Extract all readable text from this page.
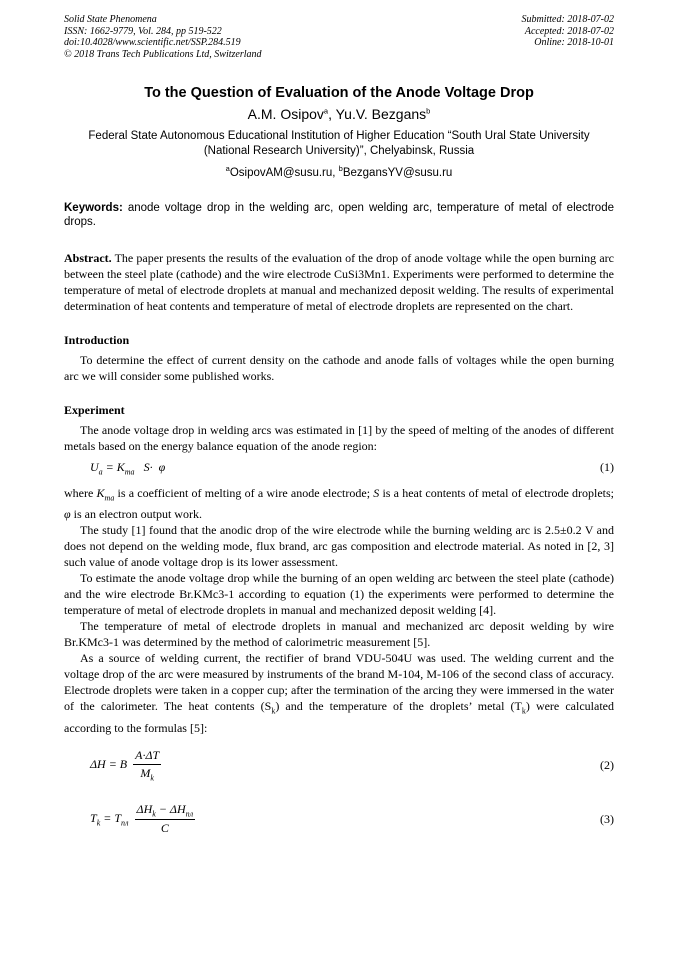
Solid State Phenomena
ISSN: 1662-9779, Vol. 284, pp 519-522
doi:10.4028/www.scientific.net/SSP.284.519
© 2018 Trans Tech Publications Ltd, Switzerland
Submitted: 2018-07-02
Accepted: 2018-07-02
Online: 2018-10-01
To the Question of Evaluation of the Anode Voltage Drop
A.M. Osipov$^a$, Yu.V. Bezgans$^b$
Federal State Autonomous Educational Institution of Higher Education “South Ural State University (National Research University)”, Chelyabinsk, Russia
$^a$OsipovAM@susu.ru, $^b$BezgansYV@susu.ru
Keywords: anode voltage drop in the welding arc, open welding arc, temperature of metal of electrode drops.

Abstract. The paper presents the results of the evaluation of the drop of anode voltage while the open burning arc between the steel plate (cathode) and the wire electrode CuSi3Mn1. Experiments were performed to determine the temperature of metal of electrode droplets at manual and mechanized deposit welding. The results of experimental determination of heat contents and temperature of metal of electrode droplets are represented on the chart.

Introduction

To determine the effect of current density on the cathode and anode falls of voltages while the open burning arc we will consider some published works.

Experiment

The anode voltage drop in welding arcs was estimated in [1] by the speed of melting of the anodes of different metals based on the energy balance equation of the anode region:

$U_a = K_{ma}$   S·  φ	(1)

where $K_{ma}$ is a coefficient of melting of a wire anode electrode; S is a heat contents of metal of electrode droplets; φ is an electron output work.

The study [1] found that the anodic drop of the wire electrode while the burning welding arc is 2.5±0.2 V and does not depend on the welding mode, flux brand, arc gas composition and electrode material. As noted in [2, 3] such value of anode voltage drop is its lower assessment.

To estimate the anode voltage drop while the burning of an open welding arc between the steel plate (cathode) and the wire electrode Br.KMc3-1 according to equation (1) the experiments were performed to determine the temperature of metal of electrode droplets in manual and mechanized deposit welding [4].

The temperature of metal of electrode droplets in manual and mechanized arc deposit welding by wire Br.KMc3-1 was determined by the method of calorimetric measurement [5].

As a source of welding current, the rectifier of brand VDU-504U was used. The welding current and the voltage drop of the arc were measured by instruments of the brand M-104, M-106 of the second class of accuracy. Electrode droplets were taken in a copper cup; after the termination of the arcing they were immersed in the water of the calorimeter. The heat contents $(S_k)$ and the temperature of the droplets’ metal $(T_k)$ were calculated according to the formulas [5]:

ΔH = B $\frac{A\cdot\Delta T}{M_k}$	(2)
$T_k = T_{пл} \frac{\Delta H_k - \Delta H_{пл}}{C}$	(3)
